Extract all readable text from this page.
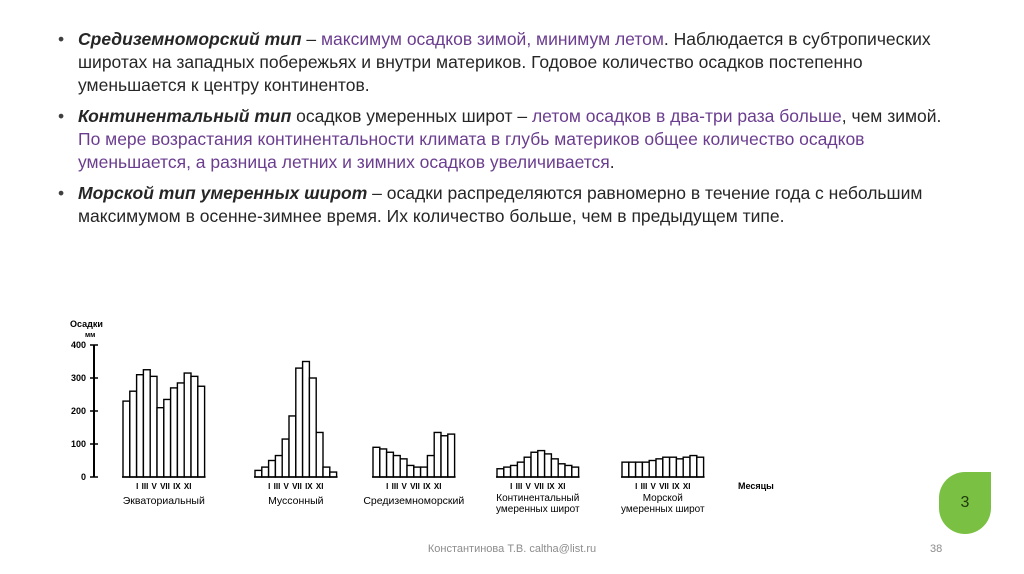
• Средиземноморский тип – максимум осадков зимой, минимум летом. Наблюдается в субтропических широтах на западных побережьях и внутри материков. Годовое количество осадков постепенно уменьшается к центру континентов.
• Континентальный тип осадков умеренных широт – летом осадков в два-три раза больше, чем зимой. По мере возрастания континентальности климата в глубь материков общее количество осадков уменьшается, а разница летних и зимних осадков увеличивается.
• Морской тип умеренных широт – осадки распределяются равномерно в течение года с небольшим максимумом в осенне-зимнее время. Их количество больше, чем в предыдущем типе.
Осадки
мм
0
100
200
300
400
I III V VII IX XI
Экваториальный
I III V VII IX XI
Муссонный
I III V VII IX XI
Средиземноморский
I III V VII IX XI
Континентальный
умеренных широт
I III V VII IX XI
Морской
умеренных широт
Месяцы
3
Константинова Т.В. caltha@list.ru	38
